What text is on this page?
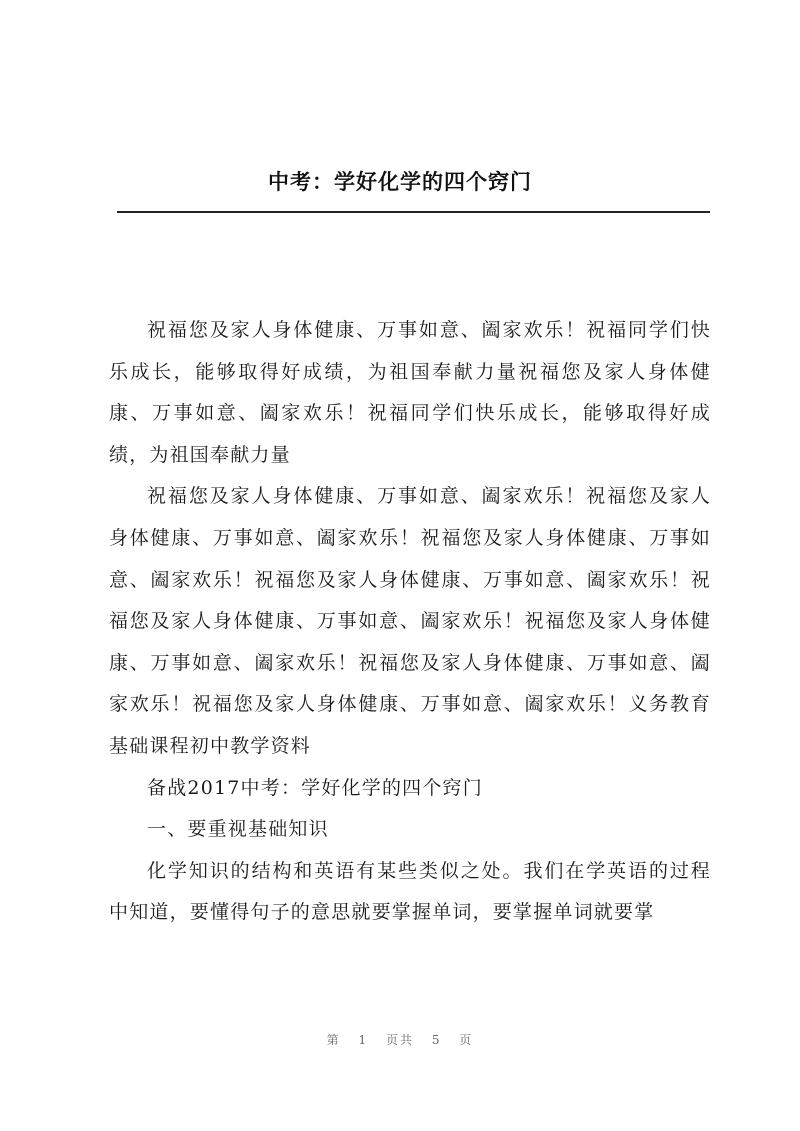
中考：学好化学的四个窍门

祝福您及家人身体健康、万事如意、阖家欢乐！祝福同学们快乐成长，能够取得好成绩，为祖国奉献力量祝福您及家人身体健康、万事如意、阖家欢乐！祝福同学们快乐成长，能够取得好成绩，为祖国奉献力量

祝福您及家人身体健康、万事如意、阖家欢乐！祝福您及家人身体健康、万事如意、阖家欢乐！祝福您及家人身体健康、万事如意、阖家欢乐！祝福您及家人身体健康、万事如意、阖家欢乐！祝福您及家人身体健康、万事如意、阖家欢乐！祝福您及家人身体健康、万事如意、阖家欢乐！祝福您及家人身体健康、万事如意、阖家欢乐！祝福您及家人身体健康、万事如意、阖家欢乐！义务教育基础课程初中教学资料

备战2017中考：学好化学的四个窍门

一、要重视基础知识

化学知识的结构和英语有某些类似之处。我们在学英语的过程中知道，要懂得句子的意思就要掌握单词，要掌握单词就要掌

第 1 页共 5 页
